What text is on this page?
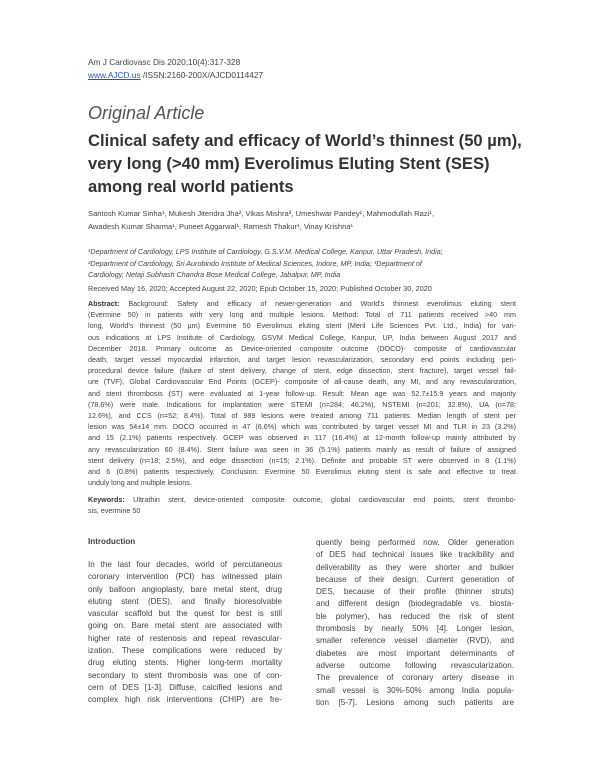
Am J Cardiovasc Dis 2020;10(4):317-328
www.AJCD.us /ISSN:2160-200X/AJCD0114427
Original Article
Clinical safety and efficacy of World’s thinnest (50 µm),
very long (>40 mm) Everolimus Eluting Stent (SES)
among real world patients
Santosh Kumar Sinha¹, Mukesh Jitendra Jha², Vikas Mishra³, Umeshwar Pandey¹, Mahmodullah Razi¹,
Awadesh Kumar Sharma¹, Puneet Aggarwal¹, Ramesh Thakur¹, Vinay Krishna¹
¹Department of Cardiology, LPS Institute of Cardiology, G.S.V.M. Medical College, Kanpur, Uttar Pradesh, India;
²Department of Cardiology, Sri Aurobindo Institute of Medical Sciences, Indore, MP, India; ³Department of
Cardiology, Netaji Subhash Chandra Bose Medical College, Jabalpur, MP, India
Received May 16, 2020; Accepted August 22, 2020; Epub October 15, 2020; Published October 30, 2020
Abstract: Background: Safety and efficacy of newer-generation and World’s thinnest everolimus eluting stent
(Evermine 50) in patients with very long and multiple lesions. Method: Total of 711 patients received >40 mm
long, World’s thinnest (50 µm) Evermine 50 Everolimus eluting stent (Meril Life Sciences Pvt. Ltd., India) for vari-
ous indications at LPS Institute of Cardiology, GSVM Medical College, Kanpur, UP, India between August 2017 and
December 2018. Primary outcome as Device-oriented composite outcome (DOCO)- composite of cardiovascular
death, target vessel myocardial infarction, and target lesion revascularization, secondary end points including peri-
procedural device failure (failure of stent delivery, change of stent, edge dissection, stent fracture), target vessel fail-
ure (TVF), Global Cardiovascular End Points (GCEP)- composite of all-cause death, any MI, and any revascularization,
and stent thrombosis (ST) were evaluated at 1-year follow-up. Result: Mean age was 52.7±15.9 years and majority
(78.6%) were male. Indications for implantation were STEMI (n=284; 46.2%), NSTEMI (n=201; 32.8%), UA (n=78;
12.6%), and CCS (n=52; 8.4%). Total of 989 lesions were treated among 711 patients. Median length of stent per
lesion was 54±14 mm. DOCO occurred in 47 (6.6%) which was contributed by target vessel MI and TLR in 23 (3.2%)
and 15 (2.1%) patients respectively. GCEP was observed in 117 (16.4%) at 12-month follow-up mainly attributed by
any revascularization 60 (8.4%). Stent failure was seen in 36 (5.1%) patients mainly as result of failure of assigned
stent delivery (n=18; 2.5%), and edge dissection (n=15; 2.1%). Definite and probable ST were observed in 8 (1.1%)
and 6 (0.8%) patients respectively. Conclusion: Evermine 50 Everolimus eluting stent is safe and effective to treat
unduly long and multiple lesions.
Keywords: Ultrathin stent, device-oriented composite outcome, global cardiovascular end points, stent thrombo-
sis, evermine 50
Introduction
In the last four decades, world of percutaneous
coronary intervention (PCI) has witnessed plain
only balloon angioplasty, bare metal stent, drug
eluting stent (DES), and finally bioresolvable
vascular scaffold but the quest for best is still
going on. Bare metal stent are associated with
higher rate of restenosis and repeat revascular-
ization. These complications were reduced by
drug eluting stents. Higher long-term mortality
secondary to stent thrombosis was one of con-
cern of DES [1-3]. Diffuse, calcified lesions and
complex high risk interventions (CHIP) are fre-
quently being performed now. Older generation
of DES had technical issues like trackibility and
deliverability as they were shorter and bulkier
because of their design. Current generation of
DES, because of their profile (thinner struts)
and different design (biodegradable vs. biosta-
ble polymer), has reduced the risk of stent
thrombosis by nearly 50% [4]. Longer lesion,
smaller reference vessel diameter (RVD), and
diabetes are most important determinants of
adverse outcome following revascularization.
The prevalence of coronary artery disease in
small vessel is 30%-50% among India popula-
tion [5-7]. Lesions among such patients are
